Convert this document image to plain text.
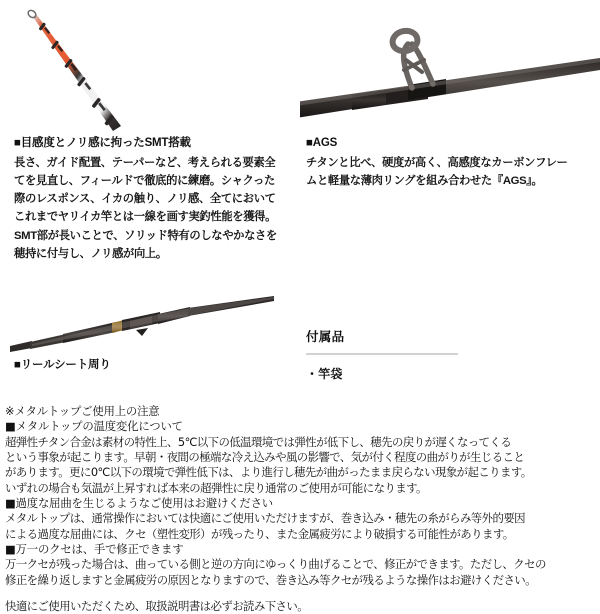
■目感度とノリ感に拘ったSMT搭載

長さ、ガイド配置、テーパーなど、考えられる要素全
てを見直し、フィールドで徹底的に練磨。シャクった
際のレスポンス、イカの触り、ノリ感、全てにおいて
これまでヤリイカ竿とは一線を画す実釣性能を獲得。
SMT部が長いことで、ソリッド特有のしなやかなさを
穂持に付与し、ノリ感が向上。

■AGS

チタンと比べ、硬度が高く、高感度なカーボンフレー
ムと軽量な薄肉リングを組み合わせた『AGS』。

■リールシート周り

付属品

・竿袋

※メタルトップご使用上の注意
■メタルトップの温度変化について
超弾性チタン合金は素材の特性上、5℃以下の低温環境では弾性が低下し、穂先の戻りが遅くなってくる
という事象が起こります。早朝・夜間の極端な冷え込みや風の影響で、気が付く程度の曲がりが生じること
があります。更に0℃以下の環境で弾性低下は、より進行し穂先が曲がったまま戻らない現象が起こります。
いずれの場合も気温が上昇すれば本来の超弾性に戻り通常のご使用が可能になります。
■過度な屈曲を生じるようなご使用はお避けください
メタルトップは、通常操作においては快適にご使用いただけますが、巻き込み・穂先の糸がらみ等外的要因
による過度な屈曲には、クセ（塑性変形）が残ったり、また金属疲労により破損する可能性があります。
■万一のクセは、手で修正できます
万一クセが残った場合は、曲っている側と逆の方向にゆっくり曲げることで、修正ができます。ただし、クセの
修正を繰り返しますと金属疲労の原因となりますので、巻き込み等クセが残るような操作はお避けください。
快適にご使用いただくため、取扱説明書は必ずお読み下さい。
